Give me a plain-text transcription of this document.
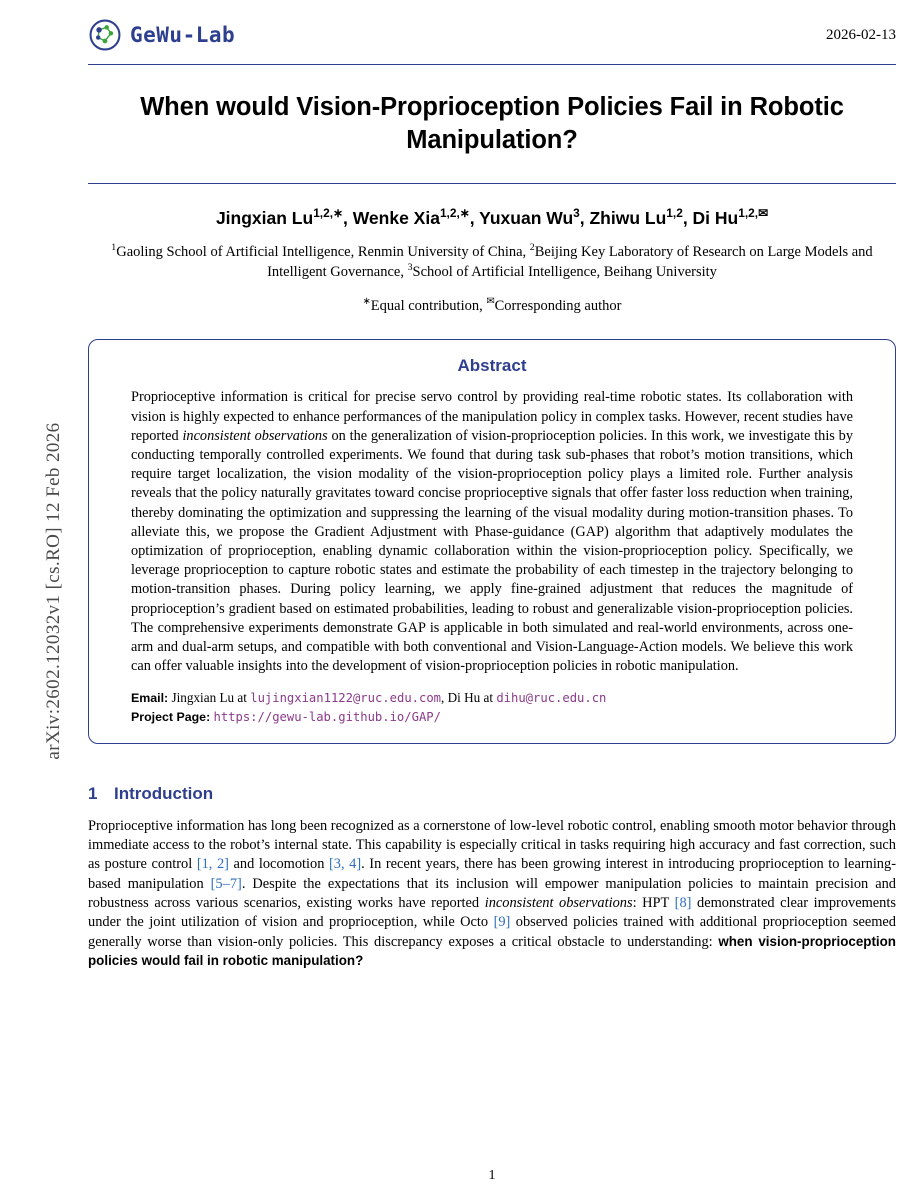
arXiv:2602.12032v1 [cs.RO] 12 Feb 2026
GeWu-Lab	2026-02-13
When would Vision-Proprioception Policies Fail in Robotic Manipulation?
Jingxian $Lu^{1,2,∗}$, Wenke Xia$^{1,2,∗}$, Yuxuan Wu$^3$, Zhiwu Lu$^{1,2}$, Di $Hu^{1,2,✉}$
$^1$Gaoling School of Artificial Intelligence, Renmin University of China, $^2$Beijing Key Laboratory of Research on Large Models and Intelligent Governance, $^3$School of Artificial Intelligence, Beihang University
∗Equal contribution, ✉Corresponding author
Abstract
Proprioceptive information is critical for precise servo control by providing real-time robotic states. Its collaboration with vision is highly expected to enhance performances of the manipulation policy in complex tasks. However, recent studies have reported inconsistent observations on the generalization of vision-proprioception policies. In this work, we investigate this by conducting temporally controlled experiments. We found that during task sub-phases that robot’s motion transitions, which require target localization, the vision modality of the vision-proprioception policy plays a limited role. Further analysis reveals that the policy naturally gravitates toward concise proprioceptive signals that offer faster loss reduction when training, thereby dominating the optimization and suppressing the learning of the visual modality during motion-transition phases. To alleviate this, we propose the Gradient Adjustment with Phase-guidance (GAP) algorithm that adaptively modulates the optimization of proprioception, enabling dynamic collaboration within the vision-proprioception policy. Specifically, we leverage proprioception to capture robotic states and estimate the probability of each timestep in the trajectory belonging to motion-transition phases. During policy learning, we apply fine-grained adjustment that reduces the magnitude of proprioception’s gradient based on estimated probabilities, leading to robust and generalizable vision-proprioception policies. The comprehensive experiments demonstrate GAP is applicable in both simulated and real-world environments, across one-arm and dual-arm setups, and compatible with both conventional and Vision-Language-Action models. We believe this work can offer valuable insights into the development of vision-proprioception policies in robotic manipulation.
Email: Jingxian Lu at lujingxian1122@ruc.edu.com, Di Hu at dihu@ruc.edu.cn
Project Page: https://gewu-lab.github.io/GAP/
1 Introduction
Proprioceptive information has long been recognized as a cornerstone of low-level robotic control, enabling smooth motor behavior through immediate access to the robot’s internal state. This capability is especially critical in tasks requiring high accuracy and fast correction, such as posture control [1, 2] and locomotion [3, 4]. In recent years, there has been growing interest in introducing proprioception to learning-based manipulation [5–7]. Despite the expectations that its inclusion will empower manipulation policies to maintain precision and robustness across various scenarios, existing works have reported inconsistent observations: HPT [8] demonstrated clear improvements under the joint utilization of vision and proprioception, while Octo [9] observed policies trained with additional proprioception seemed generally worse than vision-only policies. This discrepancy exposes a critical obstacle to understanding: when vision-proprioception policies would fail in robotic manipulation?
1
